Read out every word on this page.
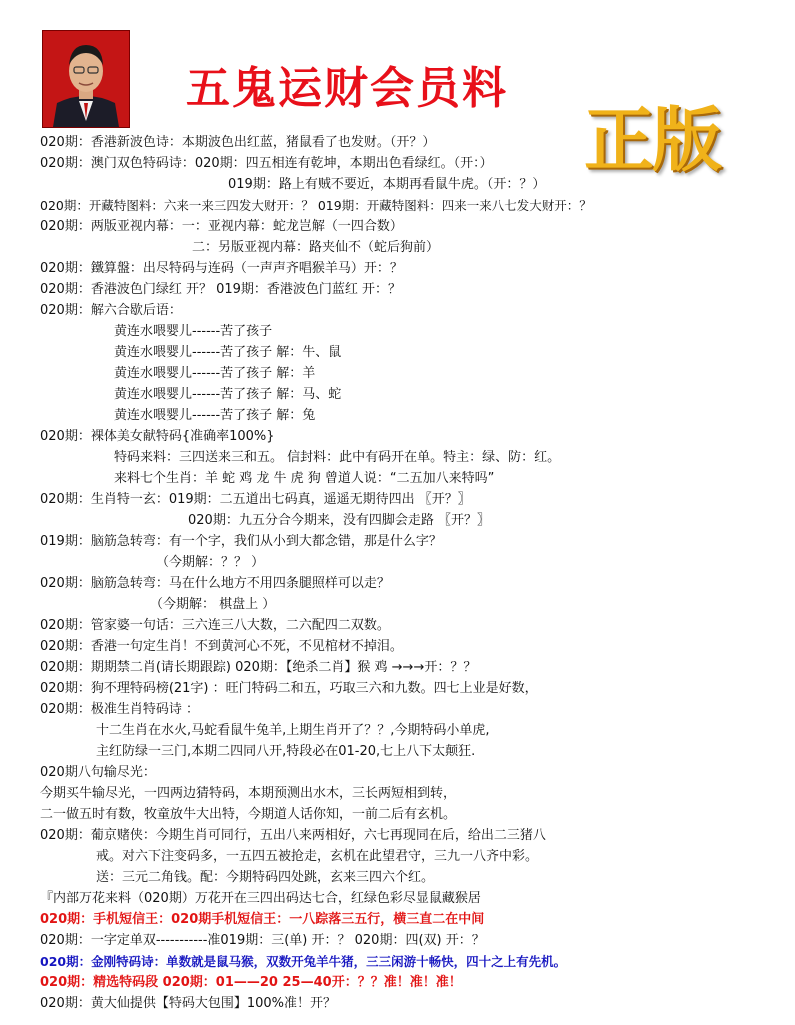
五鬼运财会员料
正版
020期：香港新波色诗：本期波色出红蓝，猪鼠看了也发财。（开？）
020期：澳门双色特码诗：020期：四五相连有乾坤，本期出色看绿红。（开：）
019期：路上有贼不要近，本期再看鼠牛虎。（开：？）
020期：开藏特图料：六来一来三四发大财开：？ 019期：开藏特图料：四来一来八七发大财开：？
020期：两版亚视内幕：一：亚视内幕：蛇龙岂解（一四合数）
二：另版亚视内幕：路夹仙不（蛇后狗前）
020期：鐵算盤：出尽特码与连码（一声声齐唱猴羊马）开：？
020期：香港波色门绿红 开？ 019期：香港波色门蓝红 开：？
020期：解六合歇后语：
黄连水喂婴儿------苦了孩子
黄连水喂婴儿------苦了孩子 解：牛、鼠
黄连水喂婴儿------苦了孩子 解：羊
黄连水喂婴儿------苦了孩子 解：马、蛇
黄连水喂婴儿------苦了孩子 解：兔
020期：裸体美女献特码{准确率100%}
特码来料：三四送来三和五。 信封料：此中有码开在单。特主：绿、防：红。
来料七个生肖：羊 蛇 鸡 龙 牛 虎 狗 曾道人说：“二五加八来特吗”
020期：生肖特一玄：019期：二五道出七码真，遥遥无期待四出 〖开？〗
020期：九五分合今期来，没有四脚会走路 〖开？〗
019期：脑筋急转弯：有一个字，我们从小到大都念错，那是什么字？
（今期解：？？ ）
020期：脑筋急转弯：马在什么地方不用四条腿照样可以走？
（今期解： 棋盘上 ）
020期：管家婆一句话：三六连三八大数，二六配四二双数。
020期：香港一句定生肖！不到黄河心不死，不见棺材不掉泪。
020期：期期禁二肖(请长期跟踪) 020期：【绝杀二肖】猴 鸡 →→→开：？？
020期：狗不理特码榜(21字) ：旺门特码二和五，巧取三六和九数。四七上业是好数，
020期：极准生肖特码诗 ：
十二生肖在水火,马蛇看鼠牛兔羊,上期生肖开了？？,今期特码小单虎,
主红防绿一三门,本期二四同八开,特段必在01-20,七上八下太颠狂.
020期八句输尽光：
今期买牛输尽光，一四两边猜特码，本期预测出水木，三长两短相到转，
二一做五时有数，牧童放牛大出特，今期道人话你知，一前二后有玄机。
020期：葡京赌侠：今期生肖可同行，五出八来两相好，六七再现同在后，给出二三猪八
戒。对六下注变码多，一五四五被抢走，玄机在此望君守，三九一八齐中彩。
送：三元二角钱。配：今期特码四处跳，玄来三四六个红。
『内部万花来料（020期）万花开在三四出码达七合，红绿色彩尽显鼠藏猴居
020期：手机短信王：020期手机短信王：一八踪落三五行，横三直二在中间
020期：一字定单双-----------准019期：三(单) 开：？ 020期：四(双) 开：？
020期：金刚特码诗：单数就是鼠马猴，双数开兔羊牛猪，三三闲游十畅快，四十之上有先机。
020期：精选特码段 020期：01——20 25—40开：？？准！准！准！
020期：黄大仙提供【特码大包围】100%准！开？
